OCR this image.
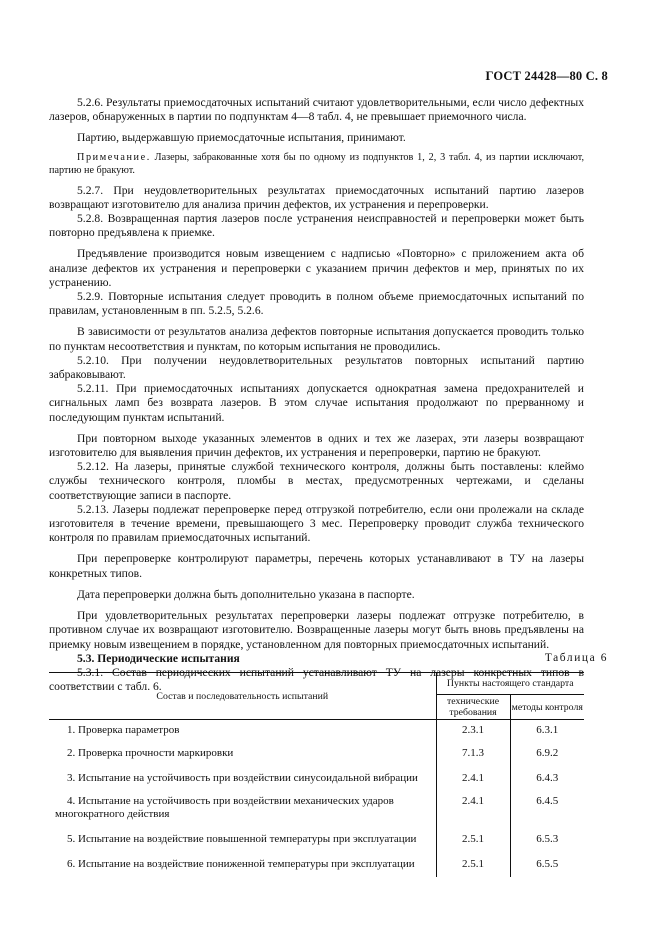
ГОСТ 24428—80 С. 8

5.2.6. Результаты приемосдаточных испытаний считают удовлетворительными, если число дефектных лазеров, обнаруженных в партии по подпунктам 4—8 табл. 4, не превышает приемочного числа.

Партию, выдержавшую приемосдаточные испытания, принимают.

Примечание. Лазеры, забракованные хотя бы по одному из подпунктов 1, 2, 3 табл. 4, из партии исключают, партию не бракуют.

5.2.7. При неудовлетворительных результатах приемосдаточных испытаний партию лазеров возвращают изготовителю для анализа причин дефектов, их устранения и перепроверки.

5.2.8. Возвращенная партия лазеров после устранения неисправностей и перепроверки может быть повторно предъявлена к приемке.

Предъявление производится новым извещением с надписью «Повторно» с приложением акта об анализе дефектов их устранения и перепроверки с указанием причин дефектов и мер, принятых по их устранению.

5.2.9. Повторные испытания следует проводить в полном объеме приемосдаточных испытаний по правилам, установленным в пп. 5.2.5, 5.2.6.

В зависимости от результатов анализа дефектов повторные испытания допускается проводить только по пунктам несоответствия и пунктам, по которым испытания не проводились.

5.2.10. При получении неудовлетворительных результатов повторных испытаний партию забраковывают.

5.2.11. При приемосдаточных испытаниях допускается однократная замена предохранителей и сигнальных ламп без возврата лазеров. В этом случае испытания продолжают по прерванному и последующим пунктам испытаний.

При повторном выходе указанных элементов в одних и тех же лазерах, эти лазеры возвращают изготовителю для выявления причин дефектов, их устранения и перепроверки, партию не бракуют.

5.2.12. На лазеры, принятые службой технического контроля, должны быть поставлены: клеймо службы технического контроля, пломбы в местах, предусмотренных чертежами, и сделаны соответствующие записи в паспорте.

5.2.13. Лазеры подлежат перепроверке перед отгрузкой потребителю, если они пролежали на складе изготовителя в течение времени, превышающего 3 мес. Перепроверку проводит служба технического контроля по правилам приемосдаточных испытаний.

При перепроверке контролируют параметры, перечень которых устанавливают в ТУ на лазеры конкретных типов.

Дата перепроверки должна быть дополнительно указана в паспорте.

При удовлетворительных результатах перепроверки лазеры подлежат отгрузке потребителю, в противном случае их возвращают изготовителю. Возвращенные лазеры могут быть вновь предъявлены на приемку новым извещением в порядке, установленном для повторных приемосдаточных испытаний.

5.3. Периодические испытания

5.3.1. Состав периодических испытаний устанавливают ТУ на лазеры конкретных типов в соответствии с табл. 6.

Таблица 6
Состав и последовательность испытаний	Пункты настоящего стандарта	
	технические требования	методы контроля
1. Проверка параметров	2.3.1	6.3.1
2. Проверка прочности маркировки	7.1.3	6.9.2
3. Испытание на устойчивость при воздействии синусоидальной вибрации	2.4.1	6.4.3
4. Испытание на устойчивость при воздействии механических ударов многократного действия	2.4.1	6.4.5
5. Испытание на воздействие повышенной температуры при эксплуатации	2.5.1	6.5.3
6. Испытание на воздействие пониженной температуры при эксплуатации	2.5.1	6.5.5
